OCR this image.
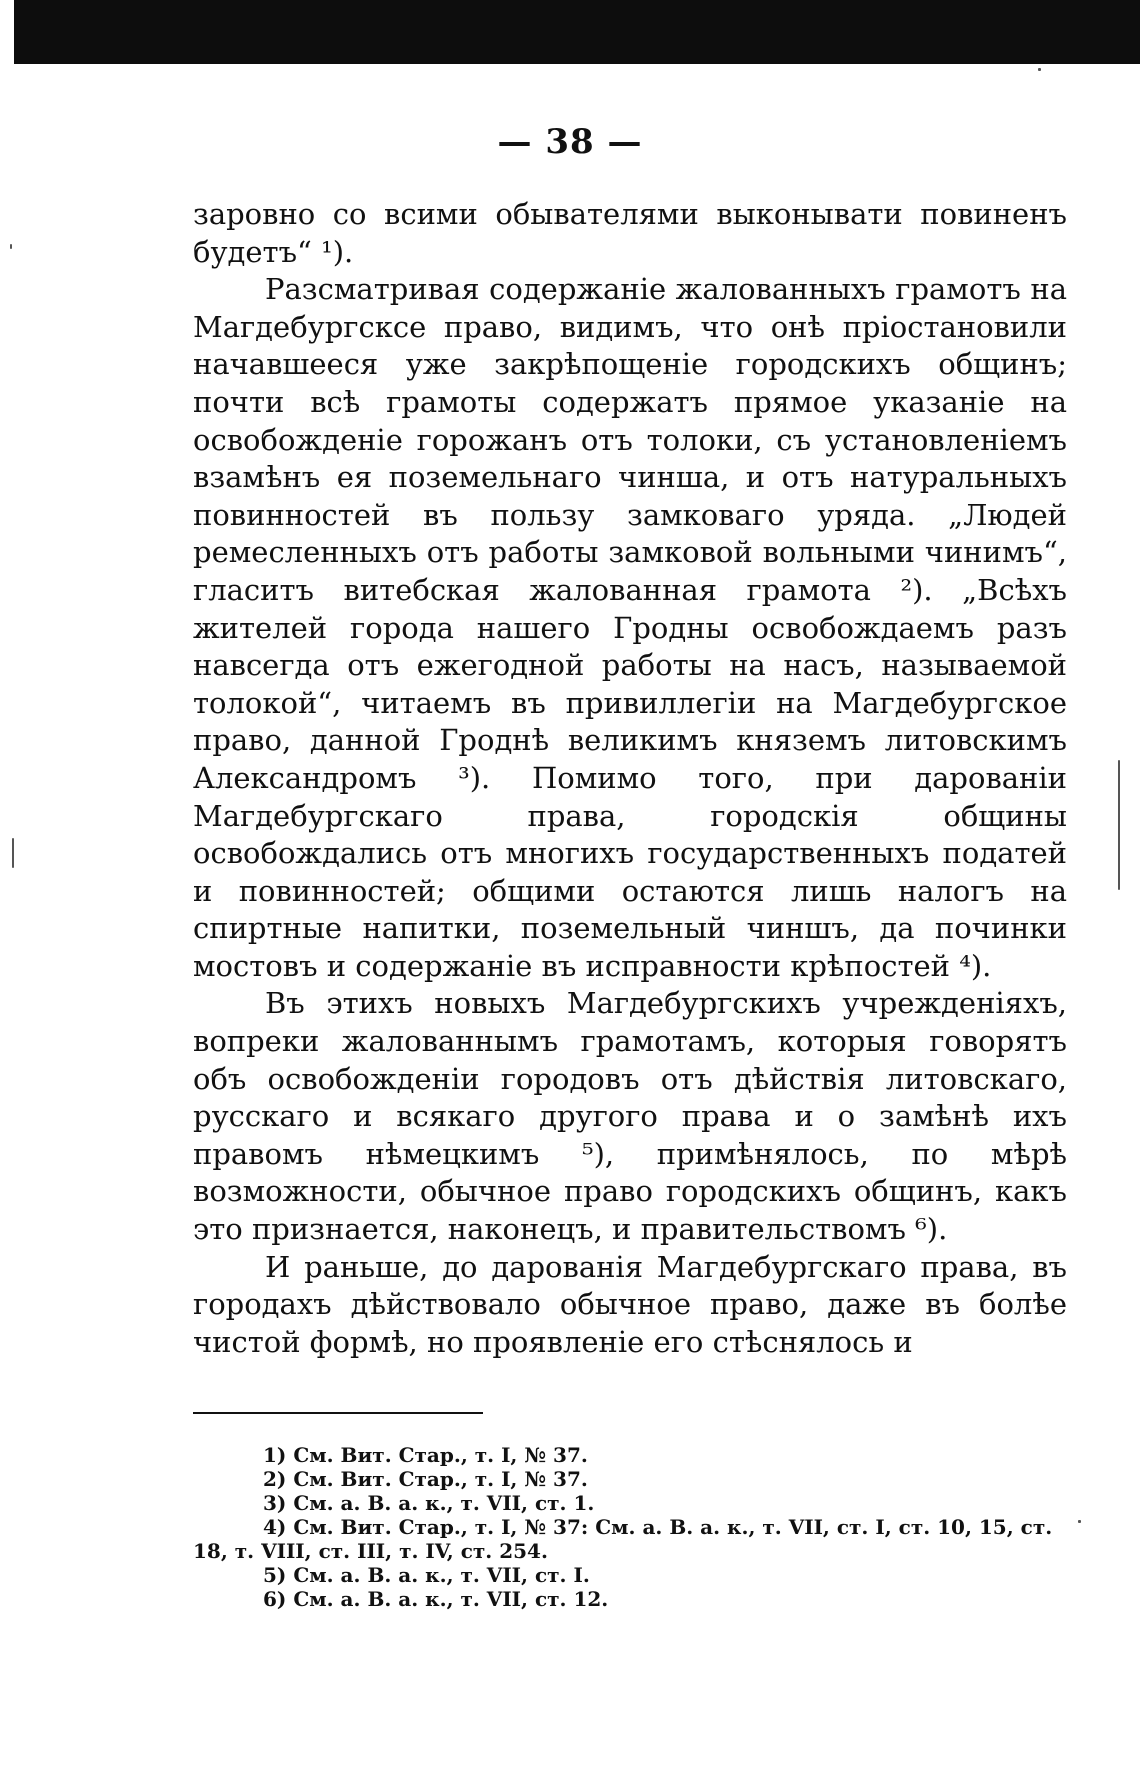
— 38 —

заровно со всими обывателями выконывати повиненъ будетъ“ ¹).

Разсматривая содержаніе жалованныхъ грамотъ на Магдебургсксе право, видимъ, что онѣ пріостановили начавшееся уже закрѣпощеніе городскихъ общинъ; почти всѣ грамоты содержатъ прямое указаніе на освобожденіе горожанъ отъ толоки, съ установленіемъ взамѣнъ ея поземельнаго чинша, и отъ натуральныхъ повинностей въ пользу замковаго уряда. „Людей ремесленныхъ отъ работы замковой вольными чинимъ“, гласитъ витебская жалованная грамота ²). „Всѣхъ жителей города нашего Гродны освобождаемъ разъ навсегда отъ ежегодной работы на насъ, называемой толокой“, читаемъ въ привиллегіи на Магдебургское право, данной Гроднѣ великимъ княземъ литовскимъ Александромъ ³). Помимо того, при дарованіи Магдебургскаго права, городскія общины освобождались отъ многихъ государственныхъ податей и повинностей; общими остаются лишь налогъ на спиртные напитки, поземельный чиншъ, да починки мостовъ и содержаніе въ исправности крѣпостей ⁴).

Въ этихъ новыхъ Магдебургскихъ учрежденіяхъ, вопреки жалованнымъ грамотамъ, которыя говорятъ объ освобожденіи городовъ отъ дѣйствія литовскаго, русскаго и всякаго другого права и о замѣнѣ ихъ правомъ нѣмецкимъ ⁵), примѣнялось, по мѣрѣ возможности, обычное право городскихъ общинъ, какъ это признается, наконецъ, и правительствомъ ⁶).

И раньше, до дарованія Магдебургскаго права, въ городахъ дѣйствовало обычное право, даже въ болѣе чистой формѣ, но проявленіе его стѣснялось и

1) См. Вит. Стар., т. I, № 37.

2) См. Вит. Стар., т. I, № 37.

3) См. а. В. а. к., т. VII, ст. 1.

4) См. Вит. Стар., т. I, № 37: См. а. В. а. к., т. VII, ст. I, ст. 10, 15, ст. 18, т. VIII, ст. III, т. IV, ст. 254.

5) См. а. В. а. к., т. VII, ст. I.

6) См. а. В. а. к., т. VII, ст. 12.
